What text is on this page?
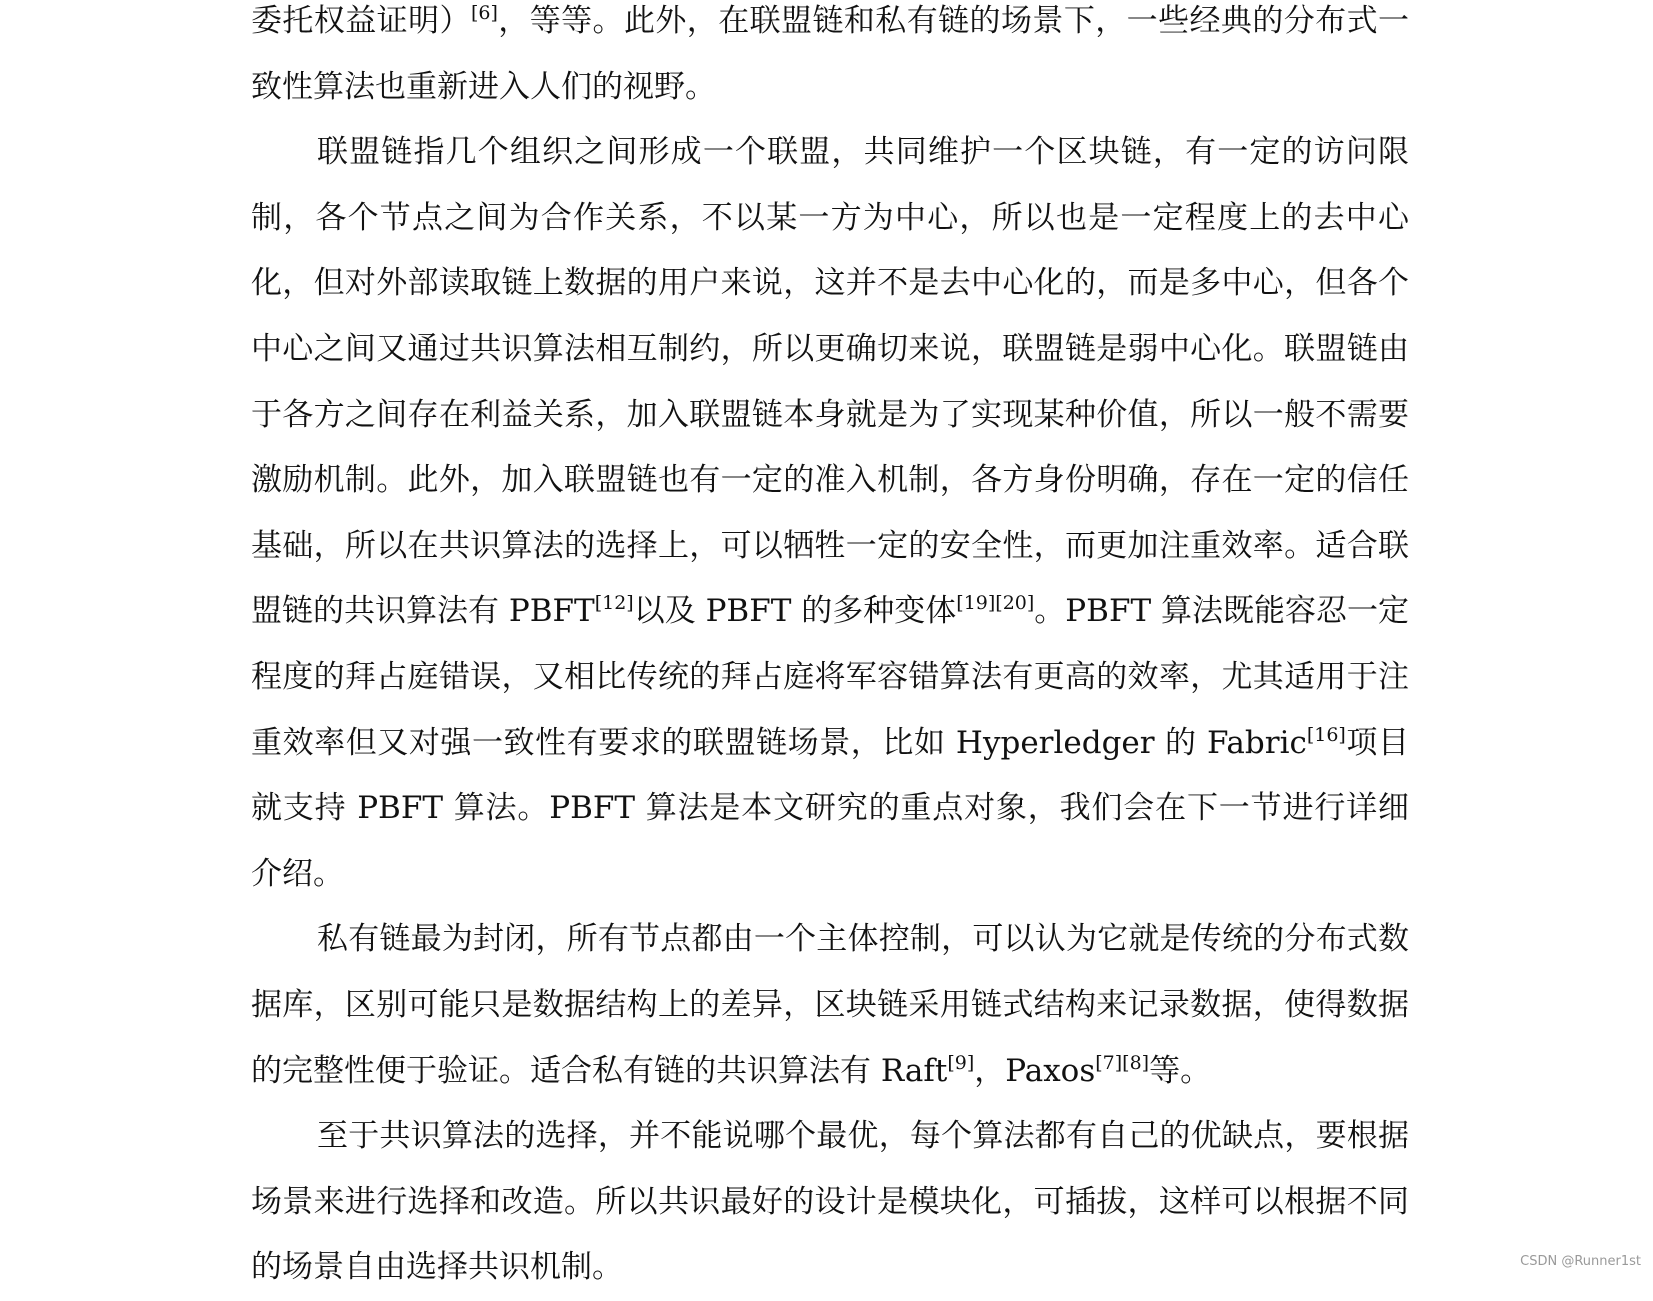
委托权益证明）[6]，等等。此外，在联盟链和私有链的场景下，一些经典的分布式一致性算法也重新进入人们的视野。

联盟链指几个组织之间形成一个联盟，共同维护一个区块链，有一定的访问限制，各个节点之间为合作关系，不以某一方为中心，所以也是一定程度上的去中心化，但对外部读取链上数据的用户来说，这并不是去中心化的，而是多中心，但各个中心之间又通过共识算法相互制约，所以更确切来说，联盟链是弱中心化。联盟链由于各方之间存在利益关系，加入联盟链本身就是为了实现某种价值，所以一般不需要激励机制。此外，加入联盟链也有一定的准入机制，各方身份明确，存在一定的信任基础，所以在共识算法的选择上，可以牺牲一定的安全性，而更加注重效率。适合联盟链的共识算法有 PBFT[12]以及 PBFT 的多种变体[19][20]。PBFT 算法既能容忍一定程度的拜占庭错误，又相比传统的拜占庭将军容错算法有更高的效率，尤其适用于注重效率但又对强一致性有要求的联盟链场景，比如 Hyperledger 的 Fabric[16]项目就支持 PBFT 算法。PBFT 算法是本文研究的重点对象，我们会在下一节进行详细介绍。

私有链最为封闭，所有节点都由一个主体控制，可以认为它就是传统的分布式数据库，区别可能只是数据结构上的差异，区块链采用链式结构来记录数据，使得数据的完整性便于验证。适合私有链的共识算法有 Raft[9]，Paxos[7][8]等。

至于共识算法的选择，并不能说哪个最优，每个算法都有自己的优缺点，要根据场景来进行选择和改造。所以共识最好的设计是模块化，可插拔，这样可以根据不同的场景自由选择共识机制。	CSDN @Runner1st
